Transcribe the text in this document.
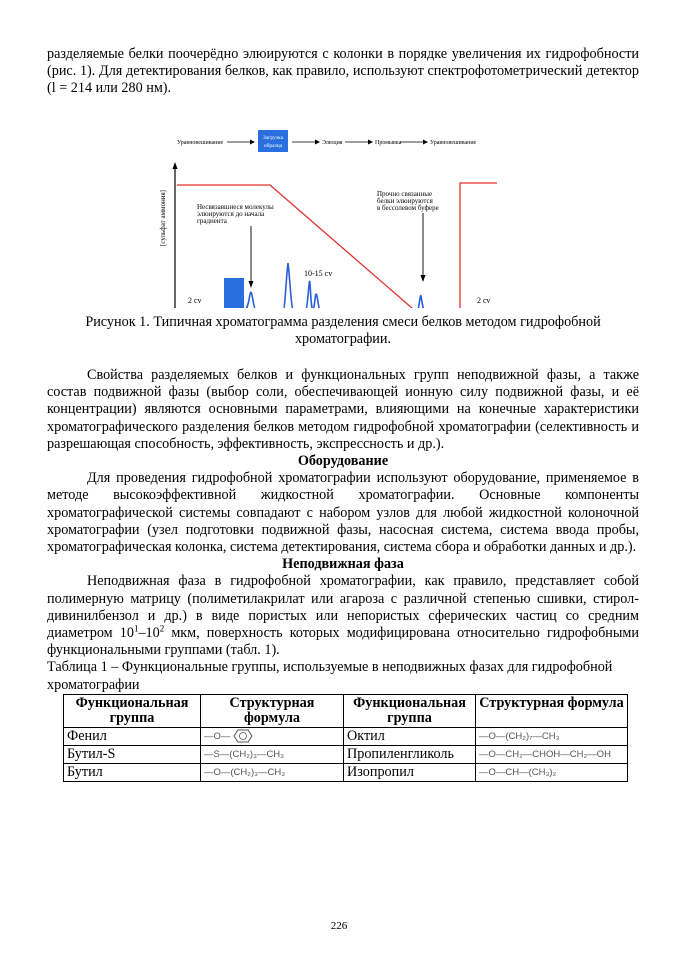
разделяемые белки поочерёдно элюируются с колонки в порядке увеличения их гидрофобности (рис. 1). Для детектирования белков, как правило, используют спектрофотометрический детектор (l = 214 или 280 нм).

Уравновешивание
Загрузка
образца	Элюция	Промывка	Уравновешивание
[сульфат аммония]	Несвязавшиеся молекулы
элюируются до начала
градиента
Прочно связанные
белки элюируются
в бессолевом буфере
2 cv
10-15 cv
2 cv

Рисунок 1. Типичная хроматограмма разделения смеси белков методом гидрофобной хроматографии.

Свойства разделяемых белков и функциональных групп неподвижной фазы, а также состав подвижной фазы (выбор соли, обеспечивающей ионную силу подвижной фазы, и её концентрации) являются основными параметрами, влияющими на конечные характеристики хроматографического разделения белков методом гидрофобной хроматографии (селективность и разрешающая способность, эффективность, экспрессность и др.).

Оборудование

Для проведения гидрофобной хроматографии используют оборудование, применяемое в методе высокоэффективной жидкостной хроматографии. Основные компоненты хроматографической системы совпадают с набором узлов для любой жидкостной колоночной хроматографии (узел подготовки подвижной фазы, насосная система, система ввода пробы, хроматографическая колонка, система детектирования, система сбора и обработки данных и др.).

Неподвижная фаза

Неподвижная фаза в гидрофобной хроматографии, как правило, представляет собой полимерную матрицу (полиметилакрилат или агароза с различной степенью сшивки, стирол-дивинилбензол и др.) в виде пористых или непористых сферических частиц со средним диаметром $10^1-10^2$ мкм, поверхность которых модифицирована относительно гидрофобными функциональными группами (табл. 1).

Таблица 1 – Функциональные группы, используемые в неподвижных фазах для гидрофобной хроматографии

Функциональная группа	Структурная формула	Функциональная группа	Структурная формула
Фенил	—O—	Октил	—O—(CH₂)₇—CH₃
Бутил-S	—S—(CH₂)₃—CH₃	Пропиленгликоль	—O—CH₂—CHOH—CH₂—OH
Бутил	—O—(CH₂)₃—CH₃	Изопропил	—O—CH—(CH₃)₂
226
